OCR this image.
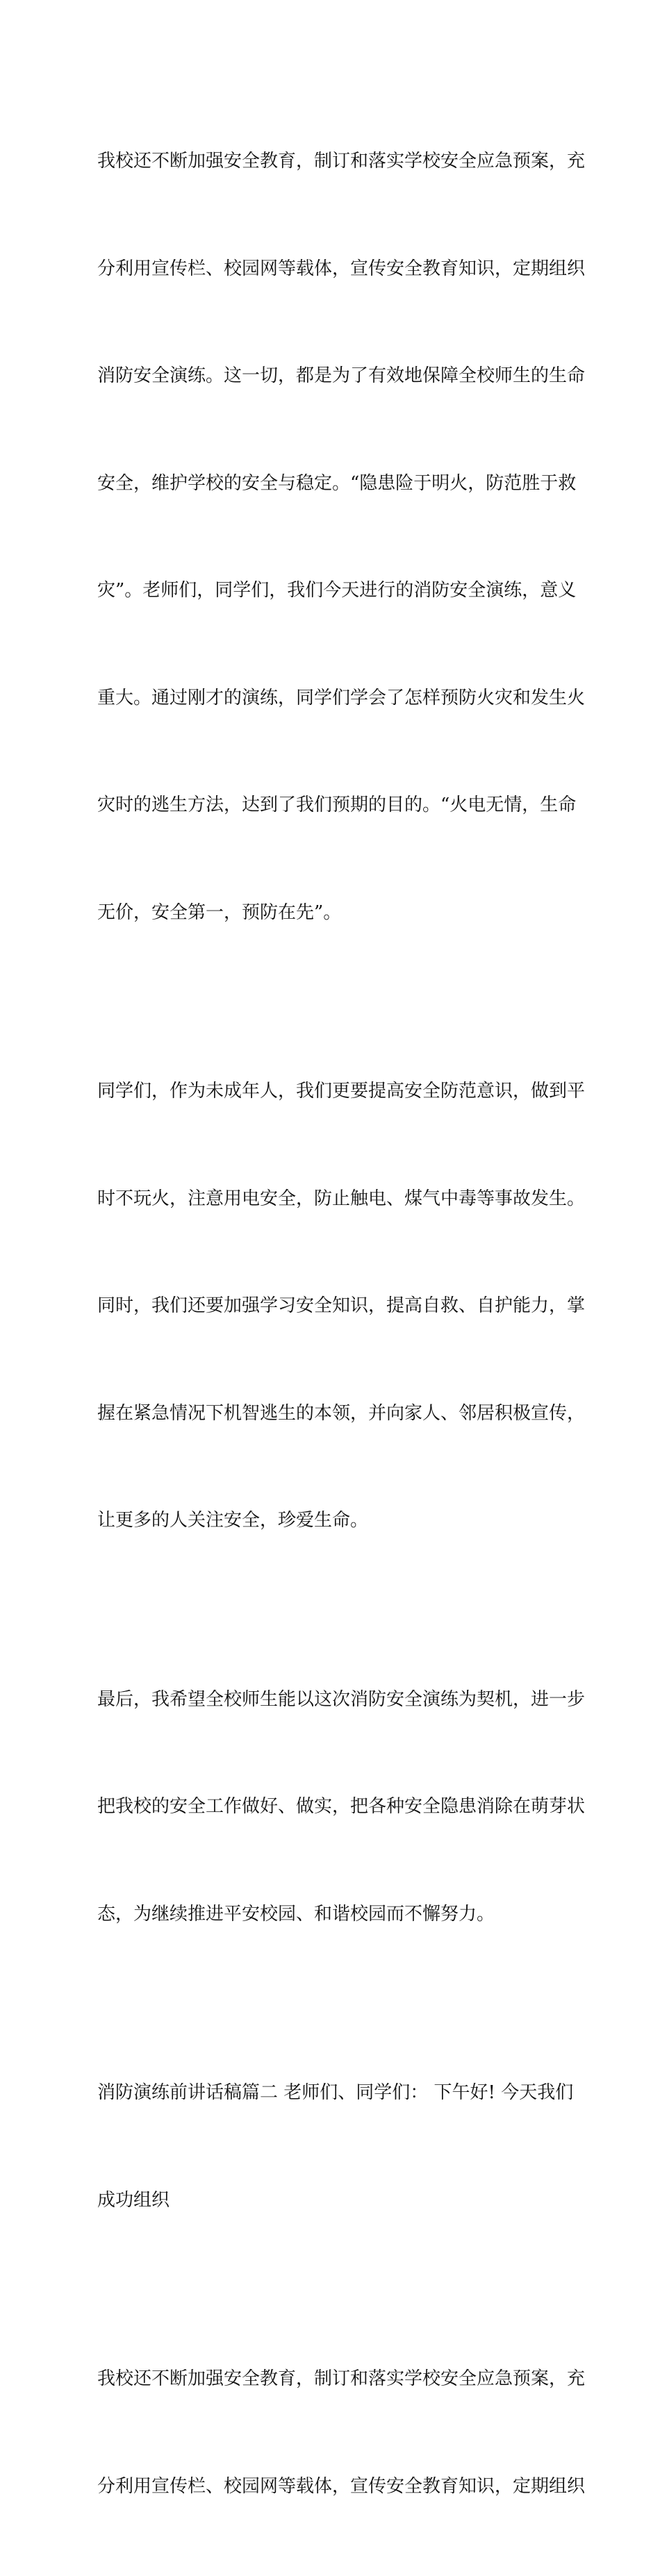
我校还不断加强安全教育，制订和落实学校安全应急预案，充

分利用宣传栏、校园网等载体，宣传安全教育知识，定期组织

消防安全演练。这一切，都是为了有效地保障全校师生的生命

安全，维护学校的安全与稳定。“隐患险于明火，防范胜于救

灾”。老师们，同学们，我们今天进行的消防安全演练，意义

重大。通过刚才的演练，同学们学会了怎样预防火灾和发生火

灾时的逃生方法，达到了我们预期的目的。“火电无情，生命

无价，安全第一，预防在先”。

同学们，作为未成年人，我们更要提高安全防范意识，做到平

时不玩火，注意用电安全，防止触电、煤气中毒等事故发生。

同时，我们还要加强学习安全知识，提高自救、自护能力，掌

握在紧急情况下机智逃生的本领，并向家人、邻居积极宣传，

让更多的人关注安全，珍爱生命。

最后，我希望全校师生能以这次消防安全演练为契机，进一步

把我校的安全工作做好、做实，把各种安全隐患消除在萌芽状

态，为继续推进平安校园、和谐校园而不懈努力。

消防演练前讲话稿篇二 老师们、同学们： 下午好! 今天我们

成功组织

我校还不断加强安全教育，制订和落实学校安全应急预案，充

分利用宣传栏、校园网等载体，宣传安全教育知识，定期组织
